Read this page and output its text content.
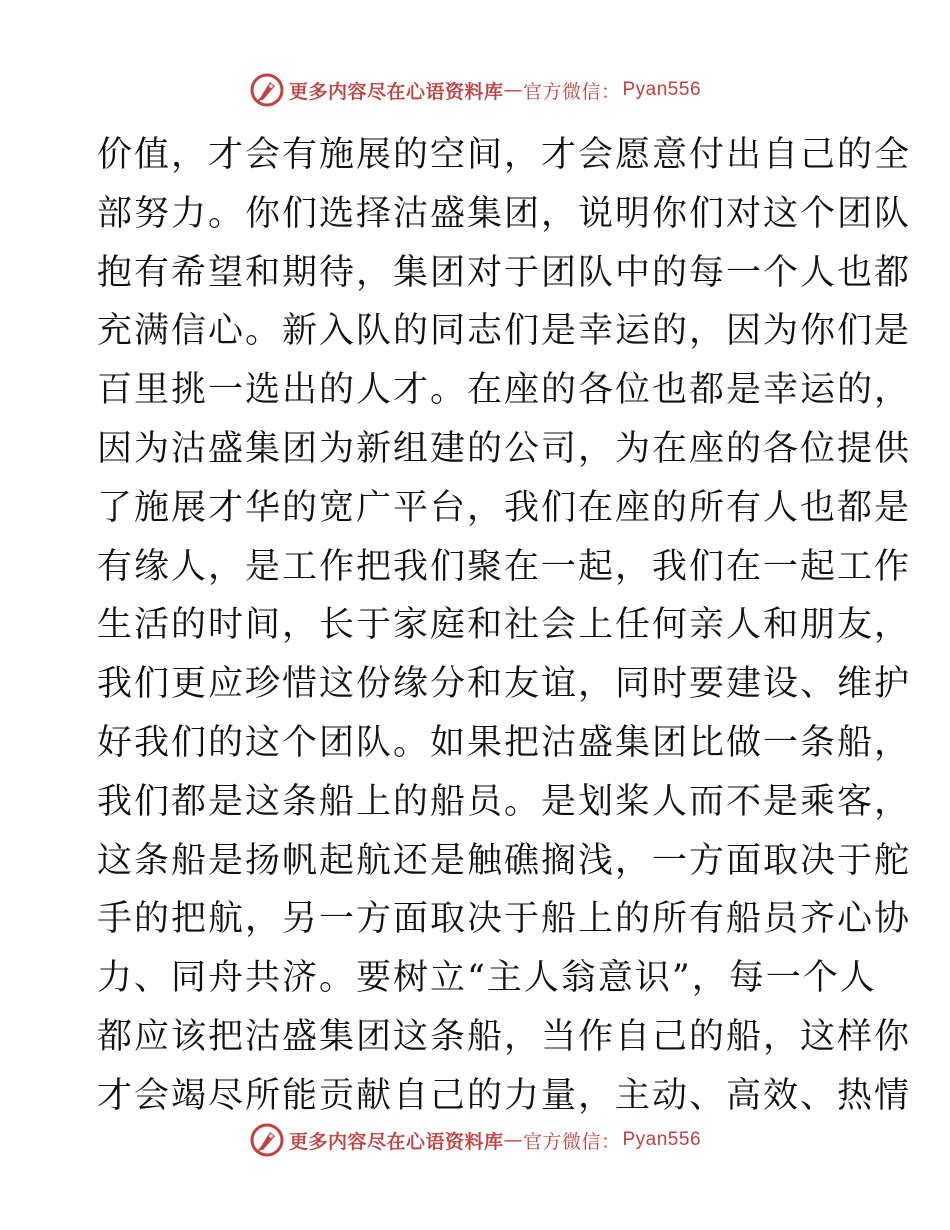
更多内容尽在心语资料库 — 官方微信： Pyan556
价值，才会有施展的空间，才会愿意付出自己的全
部努力。你们选择沽盛集团，说明你们对这个团队
抱有希望和期待，集团对于团队中的每一个人也都
充满信心。新入队的同志们是幸运的，因为你们是
百里挑一选出的人才。在座的各位也都是幸运的，
因为沽盛集团为新组建的公司，为在座的各位提供
了施展才华的宽广平台，我们在座的所有人也都是
有缘人，是工作把我们聚在一起，我们在一起工作
生活的时间，长于家庭和社会上任何亲人和朋友，
我们更应珍惜这份缘分和友谊，同时要建设、维护
好我们的这个团队。如果把沽盛集团比做一条船，
我们都是这条船上的船员。是划桨人而不是乘客，
这条船是扬帆起航还是触礁搁浅，一方面取决于舵
手的把航，另一方面取决于船上的所有船员齐心协
力、同舟共济。要树立“主人翁意识”，每一个人
都应该把沽盛集团这条船，当作自己的船，这样你
才会竭尽所能贡献自己的力量，主动、高效、热情
更多内容尽在心语资料库 — 官方微信： Pyan556
